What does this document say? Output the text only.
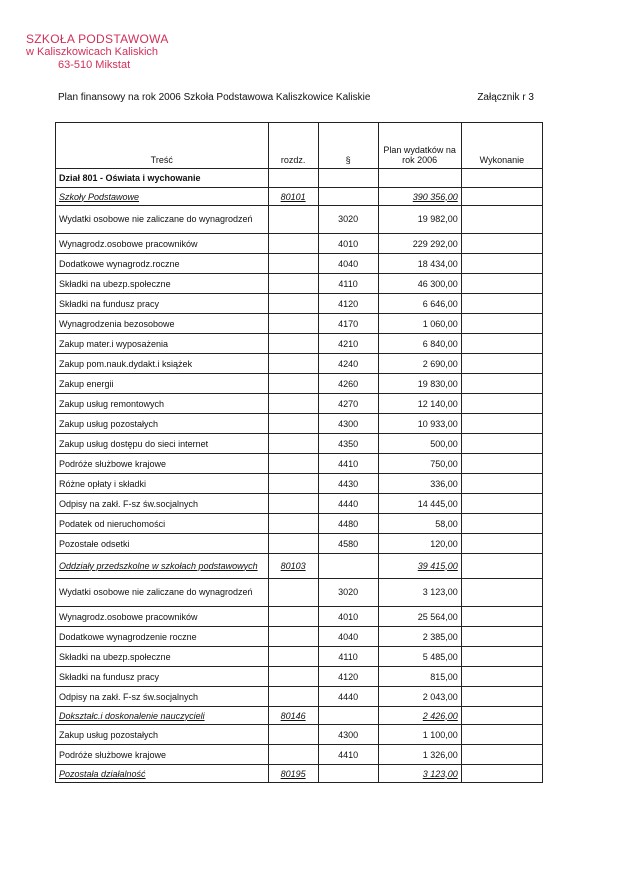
SZKOŁA PODSTAWOWA
w Kaliszkowicach Kaliskich
63-510 Mikstat
Plan finansowy na rok 2006 Szkoła Podstawowa Kaliszkowice Kaliskie	Załącznik r 3
Treść	rozdz.	§	Plan wydatków na rok 2006	Wykonanie
Dział 801 - Oświata i wychowanie				
Szkoły Podstawowe	80101		390 356,00	
Wydatki osobowe nie zaliczane do wynagrodzeń		3020	19 982,00	
Wynagrodz.osobowe pracowników		4010	229 292,00	
Dodatkowe wynagrodz.roczne		4040	18 434,00	
Składki na ubezp.społeczne		4110	46 300,00	
Składki na fundusz pracy		4120	6 646,00	
Wynagrodzenia bezosobowe		4170	1 060,00	
Zakup mater.i wyposażenia		4210	6 840,00	
Zakup pom.nauk.dydakt.i książek		4240	2 690,00	
Zakup energii		4260	19 830,00	
Zakup usług remontowych		4270	12 140,00	
Zakup usług pozostałych		4300	10 933,00	
Zakup usług dostępu do sieci internet		4350	500,00	
Podróże służbowe krajowe		4410	750,00	
Różne opłaty i składki		4430	336,00	
Odpisy na zakł. F-sz św.socjalnych		4440	14 445,00	
Podatek od nieruchomości		4480	58,00	
Pozostałe odsetki		4580	120,00	
Oddziały przedszkolne w szkołach podstawowych	80103		39 415,00	
Wydatki osobowe nie zaliczane do wynagrodzeń		3020	3 123,00	
Wynagrodz.osobowe pracowników		4010	25 564,00	
Dodatkowe wynagrodzenie roczne		4040	2 385,00	
Składki na ubezp.społeczne		4110	5 485,00	
Składki na fundusz pracy		4120	815,00	
Odpisy na zakł. F-sz św.socjalnych		4440	2 043,00	
Dokształc.i doskonalenie nauczycieli	80146		2 426,00	
Zakup usług pozostałych		4300	1 100,00	
Podróże służbowe krajowe		4410	1 326,00	
Pozostała działalność	80195		3 123,00	
